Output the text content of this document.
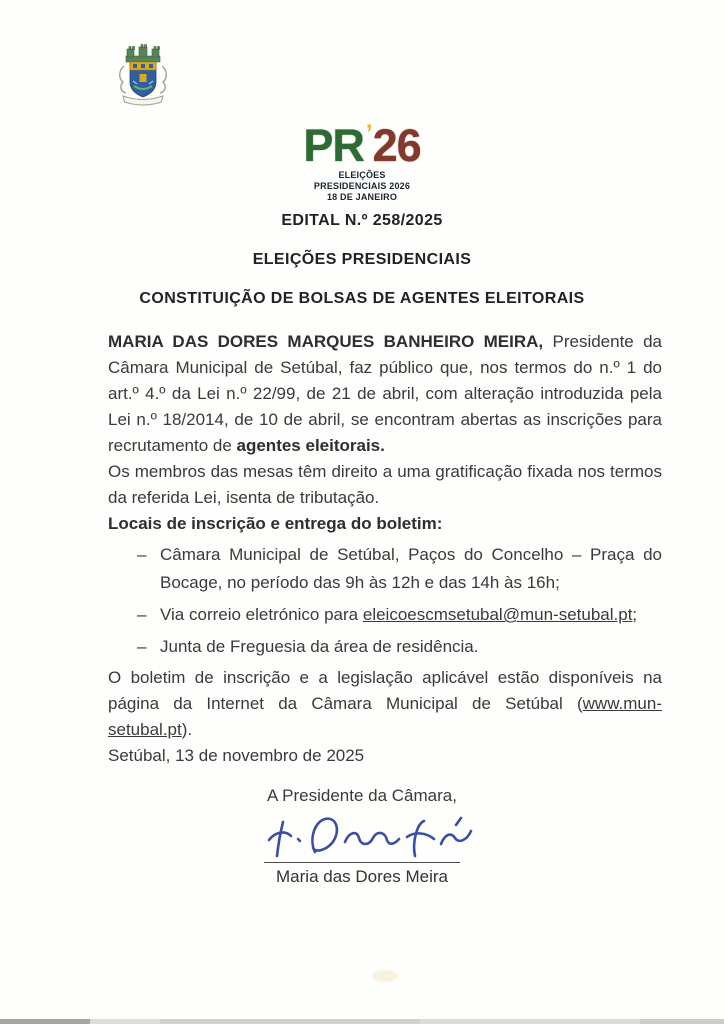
PR’26
ELEIÇÕES
PRESIDENCIAIS 2026
18 DE JANEIRO
EDITAL N.º 258/2025
ELEIÇÕES PRESIDENCIAIS
CONSTITUIÇÃO DE BOLSAS DE AGENTES ELEITORAIS

MARIA DAS DORES MARQUES BANHEIRO MEIRA, Presidente da Câmara Municipal de Setúbal, faz público que, nos termos do n.º 1 do art.º 4.º da Lei n.º 22/99, de 21 de abril, com alteração introduzida pela Lei n.º 18/2014, de 10 de abril, se encontram abertas as inscrições para recrutamento de agentes eleitorais.

Os membros das mesas têm direito a uma gratificação fixada nos termos da referida Lei, isenta de tributação.

Locais de inscrição e entrega do boletim:

– Câmara Municipal de Setúbal, Paços do Concelho – Praça do Bocage, no período das 9h às 12h e das 14h às 16h;
– Via correio eletrónico para eleicoescmsetubal@mun-setubal.pt;
– Junta de Freguesia da área de residência.

O boletim de inscrição e a legislação aplicável estão disponíveis na página da Internet da Câmara Municipal de Setúbal (www.mun-setubal.pt).

Setúbal, 13 de novembro de 2025

A Presidente da Câmara,
Maria das Dores Meira
